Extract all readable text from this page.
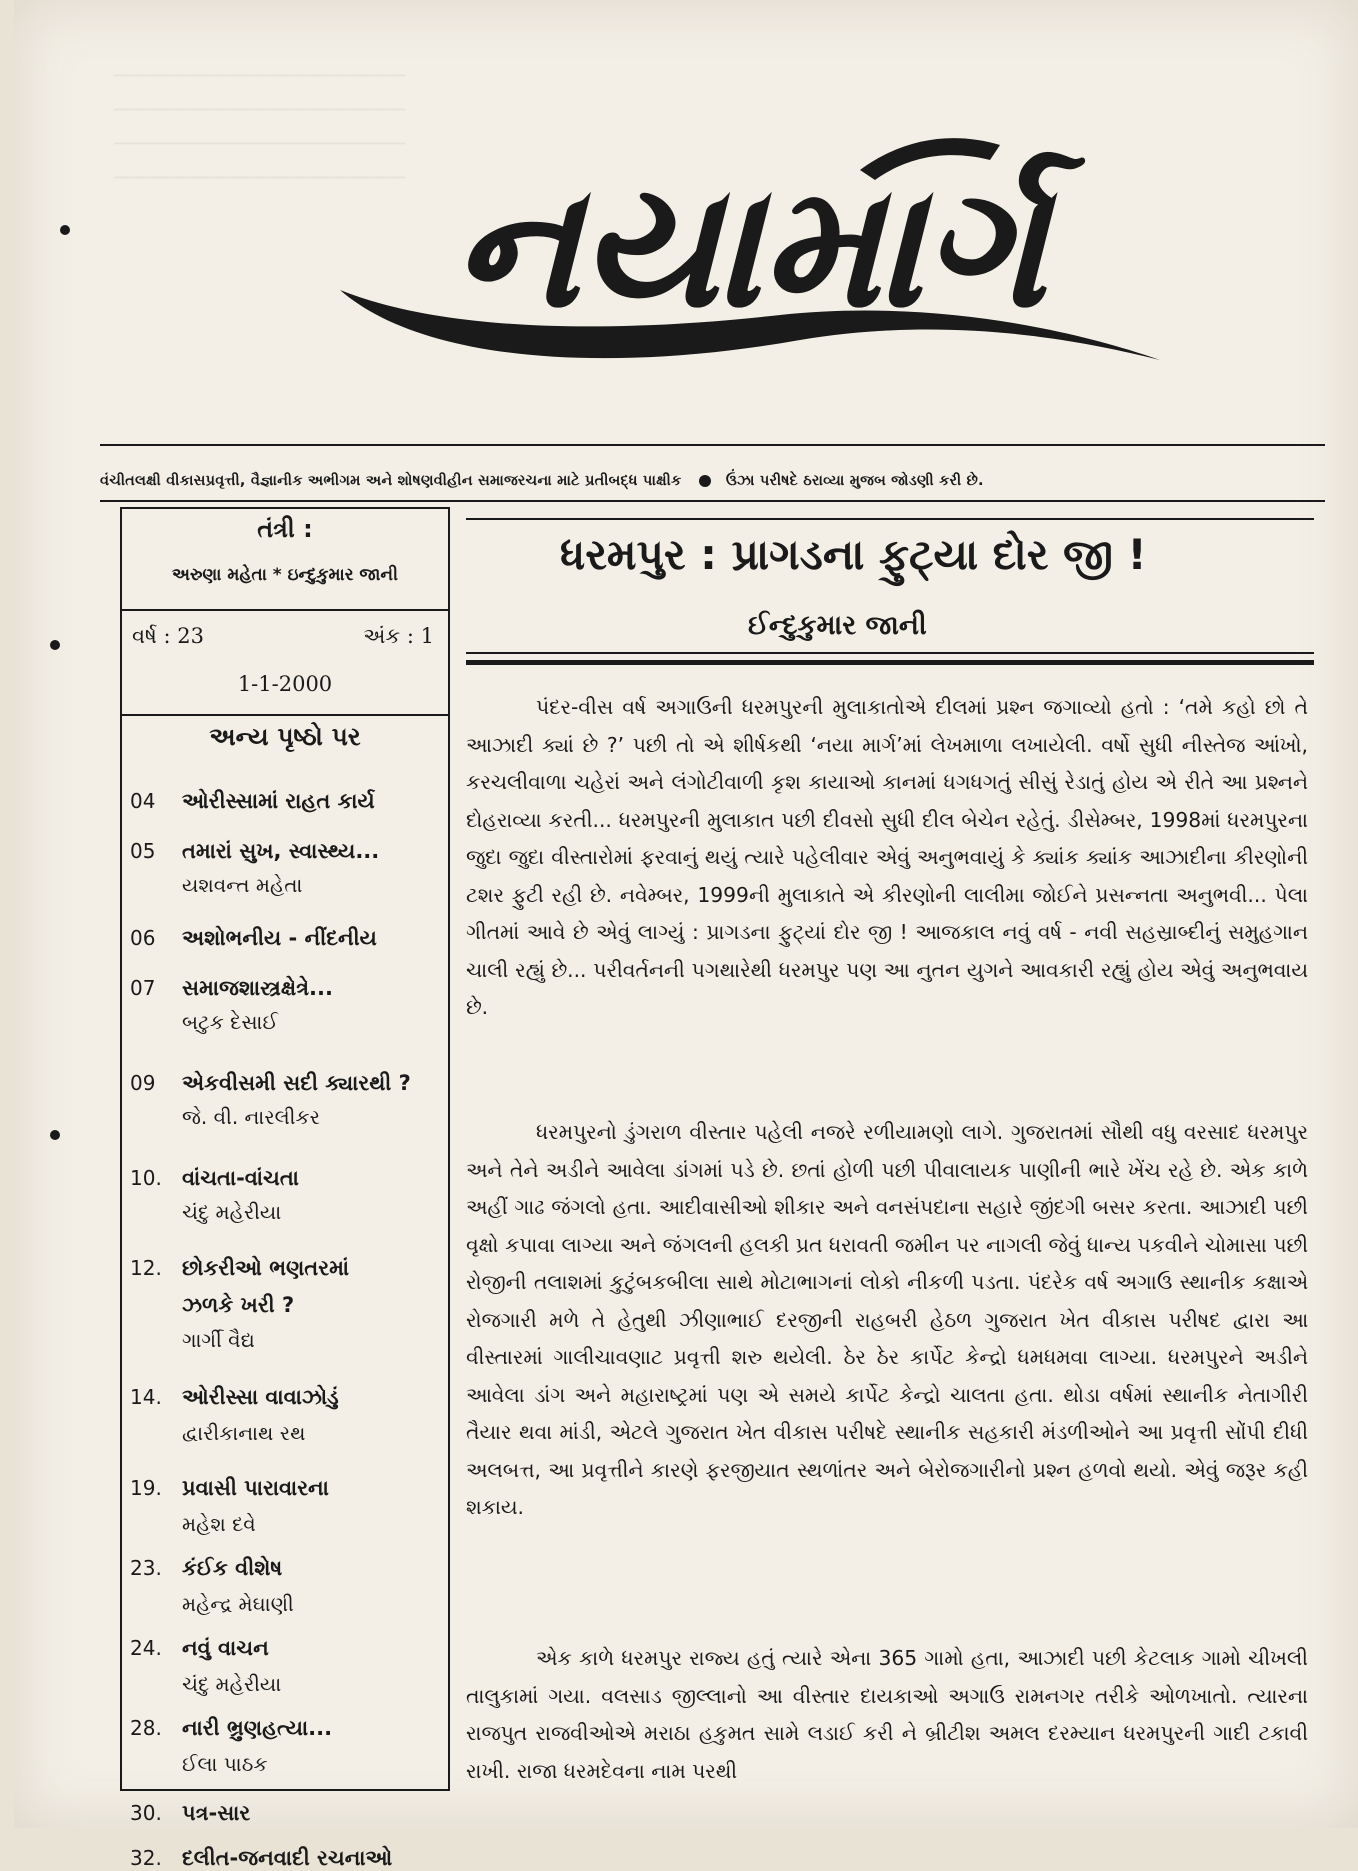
──────────────────────
──────────────────────
──────────────────────
────────────────────── નયામાર્ગ
વંચીતલક્ષી વીકાસપ્રવૃત્તી, વૈજ્ઞાનીક અભીગમ અને શોષણવીહીન સમાજરચના માટે પ્રતીબદ્ધ પાક્ષીક	ઉંઝા પરીષદે ઠરાવ્યા મુજબ જોડણી કરી છે.
તંત્રી :
અરુણા મહેતા * ઇન્દુકુમાર જાની
વર્ષ : 23	અંક : 1
1-1-2000
અન્ય પૃષ્ઠો પર
04 ઓરીસ્સામાં રાહત કાર્ય
05 તમારાં સુખ, સ્વાસ્થ્ય...
યશવન્ત મહેતા
06 અશોભનીય - નીંદનીય
07 સમાજશાસ્ત્રક્ષેત્રે...
બટુક દેસાઈ
09 એકવીસમી સદી ક્યારથી ?
જે. વી. નારલીકર
10. વાંચતા-વાંચતા
ચંદુ મહેરીયા
12. છોકરીઓ ભણતરમાં
ઝળકે ખરી ?
ગાર્ગી વૈદ્ય
14. ઓરીસ્સા વાવાઝોડું
દ્વારીકાનાથ રથ
19. પ્રવાસી પારાવારના
મહેશ દવે
23. કંઈક વીશેષ
મહેન્દ્ર મેઘાણી
24. નવું વાચન
ચંદુ મહેરીયા
28. નારી ભ્રુણહત્યા...
ઈલા પાઠક
30. પત્ર-સાર
32. દલીત-જનવાદી રચનાઓ
ધરમપુર : પ્રાગડના ફુટ્યા દોર જી !
ઈન્દુકુમાર જાની

પંદર-વીસ વર્ષ અગાઉની ધરમપુરની મુલાકાતોએ દીલમાં પ્રશ્ન જગાવ્યો હતો : ‘તમે કહો છો તે આઝાદી ક્યાં છે ?’ પછી તો એ શીર્ષકથી ‘નયા માર્ગ’માં લેખમાળા લખાયેલી. વર્ષો સુધી નીસ્તેજ આંખો, કરચલીવાળા ચહેરાં અને લંગોટીવાળી કૃશ કાયાઓ કાનમાં ધગધગતું સીસું રેડાતું હોય એ રીતે આ પ્રશ્નને દોહરાવ્યા કરતી... ધરમપુરની મુલાકાત પછી દીવસો સુધી દીલ બેચેન રહેતું. ડીસેમ્બર, 1998માં ધરમપુરના જુદા જુદા વીસ્તારોમાં ફરવાનું થયું ત્યારે પહેલીવાર એવું અનુભવાયું કે ક્યાંક ક્યાંક આઝાદીના કીરણોની ટશર ફુટી રહી છે. નવેમ્બર, 1999ની મુલાકાતે એ કીરણોની લાલીમા જોઈને પ્રસન્નતા અનુભવી... પેલા ગીતમાં આવે છે એવું લાગ્યું : પ્રાગડના ફુટ્યાં દોર જી ! આજકાલ નવું વર્ષ - નવી સહસ્રાબ્દીનું સમુહગાન ચાલી રહ્યું છે... પરીવર્તનની પગથારેથી ધરમપુર પણ આ નુતન યુગને આવકારી રહ્યું હોય એવું અનુભવાય છે.

ધરમપુરનો ડુંગરાળ વીસ્તાર પહેલી નજરે રળીયામણો લાગે. ગુજરાતમાં સૌથી વધુ વરસાદ ધરમપુર અને તેને અડીને આવેલા ડાંગમાં પડે છે. છતાં હોળી પછી પીવાલાયક પાણીની ભારે ખેંચ રહે છે. એક કાળે અહીં ગાઢ જંગલો હતા. આદીવાસીઓ શીકાર અને વનસંપદાના સહારે જીંદગી બસર કરતા. આઝાદી પછી વૃક્ષો કપાવા લાગ્યા અને જંગલની હલકી પ્રત ધરાવતી જમીન પર નાગલી જેવું ધાન્ય પકવીને ચોમાસા પછી રોજીની તલાશમાં કુટુંબકબીલા સાથે મોટાભાગનાં લોકો નીકળી પડતા. પંદરેક વર્ષ અગાઉ સ્થાનીક કક્ષાએ રોજગારી મળે તે હેતુથી ઝીણાભાઈ દરજીની રાહબરી હેઠળ ગુજરાત ખેત વીકાસ પરીષદ દ્વારા આ વીસ્તારમાં ગાલીચાવણાટ પ્રવૃત્તી શરુ થયેલી. ઠેર ઠેર કાર્પેટ કેન્દ્રો ધમધમવા લાગ્યા. ધરમપુરને અડીને આવેલા ડાંગ અને મહારાષ્ટ્રમાં પણ એ સમયે કાર્પેટ કેન્દ્રો ચાલતા હતા. થોડા વર્ષમાં સ્થાનીક નેતાગીરી તૈયાર થવા માંડી, એટલે ગુજરાત ખેત વીકાસ પરીષદે સ્થાનીક સહકારી મંડળીઓને આ પ્રવૃત્તી સોંપી દીધી અલબત્ત, આ પ્રવૃત્તીને કારણે ફરજીયાત સ્થળાંતર અને બેરોજગારીનો પ્રશ્ન હળવો થયો. એવું જરૂર કહી શકાય.

એક કાળે ધરમપુર રાજ્ય હતું ત્યારે એના 365 ગામો હતા, આઝાદી પછી કેટલાક ગામો ચીખલી તાલુકામાં ગયા. વલસાડ જીલ્લાનો આ વીસ્તાર દાયકાઓ અગાઉ રામનગર તરીકે ઓળખાતો. ત્યારના રાજપુત રાજવીઓએ મરાઠા હકુમત સામે લડાઈ કરી ને બ્રીટીશ અમલ દરમ્યાન ધરમપુરની ગાદી ટકાવી રાખી. રાજા ધરમદેવના નામ પરથી
